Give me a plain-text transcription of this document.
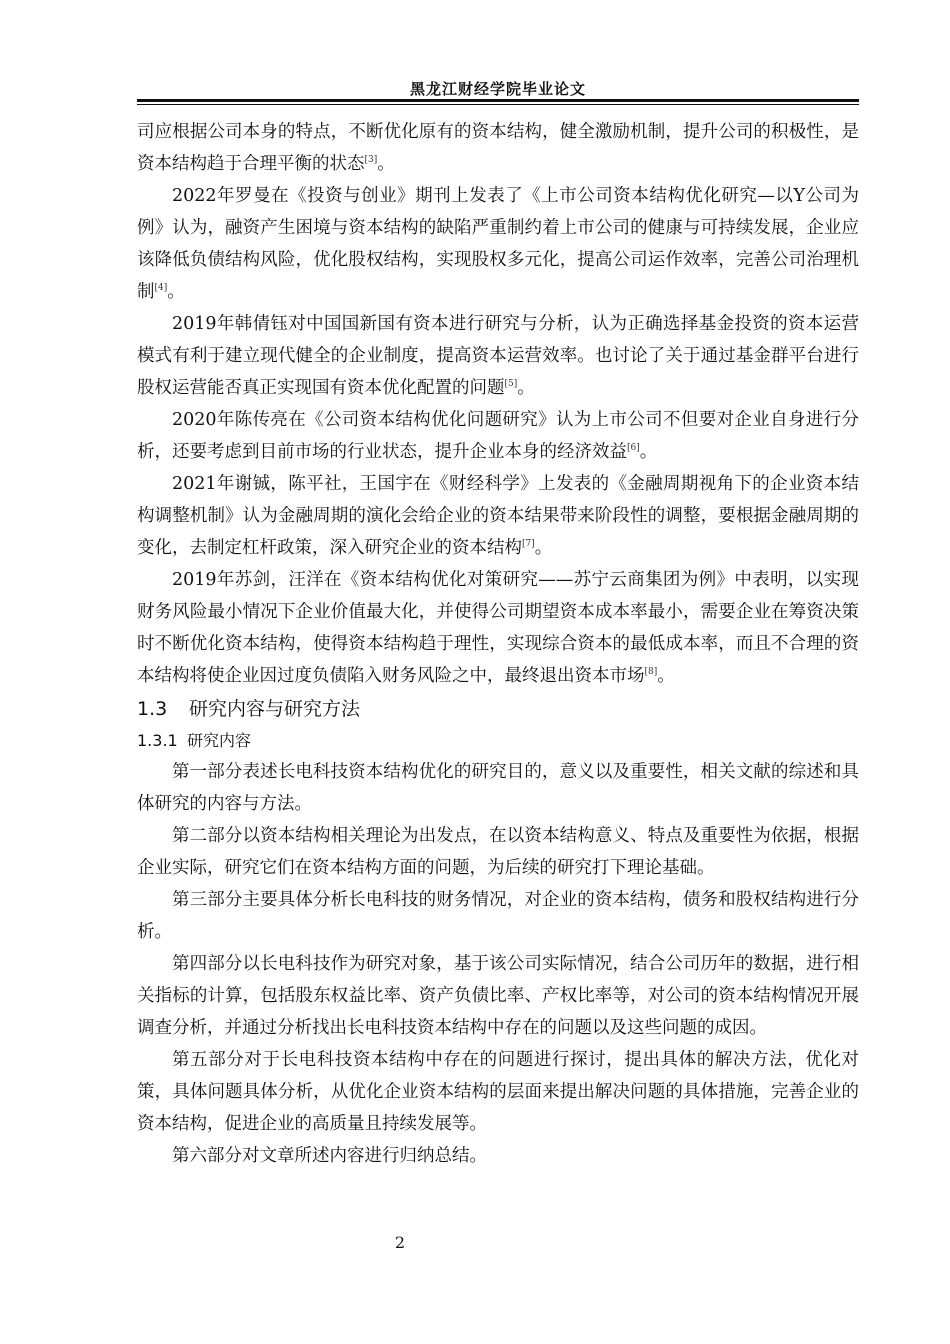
黑龙江财经学院毕业论文

司应根据公司本身的特点，不断优化原有的资本结构，健全激励机制，提升公司的积极性，是资本结构趋于合理平衡的状态[3]。

2022年罗曼在《投资与创业》期刊上发表了《上市公司资本结构优化研究—以Y公司为例》认为，融资产生困境与资本结构的缺陷严重制约着上市公司的健康与可持续发展，企业应该降低负债结构风险，优化股权结构，实现股权多元化，提高公司运作效率，完善公司治理机制[4]。

2019年韩倩钰对中国国新国有资本进行研究与分析，认为正确选择基金投资的资本运营模式有利于建立现代健全的企业制度，提高资本运营效率。也讨论了关于通过基金群平台进行股权运营能否真正实现国有资本优化配置的问题[5]。

2020年陈传亮在《公司资本结构优化问题研究》认为上市公司不但要对企业自身进行分析，还要考虑到目前市场的行业状态，提升企业本身的经济效益[6]。

2021年谢铖，陈平社，王国宇在《财经科学》上发表的《金融周期视角下的企业资本结构调整机制》认为金融周期的演化会给企业的资本结果带来阶段性的调整，要根据金融周期的变化，去制定杠杆政策，深入研究企业的资本结构[7]。

2019年苏剑，汪洋在《资本结构优化对策研究——苏宁云商集团为例》中表明，以实现财务风险最小情况下企业价值最大化，并使得公司期望资本成本率最小，需要企业在筹资决策时不断优化资本结构，使得资本结构趋于理性，实现综合资本的最低成本率，而且不合理的资本结构将使企业因过度负债陷入财务风险之中，最终退出资本市场[8]。

1.3 研究内容与研究方法
1.3.1 研究内容

第一部分表述长电科技资本结构优化的研究目的，意义以及重要性，相关文献的综述和具体研究的内容与方法。

第二部分以资本结构相关理论为出发点，在以资本结构意义、特点及重要性为依据，根据企业实际，研究它们在资本结构方面的问题，为后续的研究打下理论基础。

第三部分主要具体分析长电科技的财务情况，对企业的资本结构，债务和股权结构进行分析。

第四部分以长电科技作为研究对象，基于该公司实际情况，结合公司历年的数据，进行相关指标的计算，包括股东权益比率、资产负债比率、产权比率等，对公司的资本结构情况开展调查分析，并通过分析找出长电科技资本结构中存在的问题以及这些问题的成因。

第五部分对于长电科技资本结构中存在的问题进行探讨，提出具体的解决方法，优化对策，具体问题具体分析，从优化企业资本结构的层面来提出解决问题的具体措施，完善企业的资本结构，促进企业的高质量且持续发展等。

第六部分对文章所述内容进行归纳总结。

2
